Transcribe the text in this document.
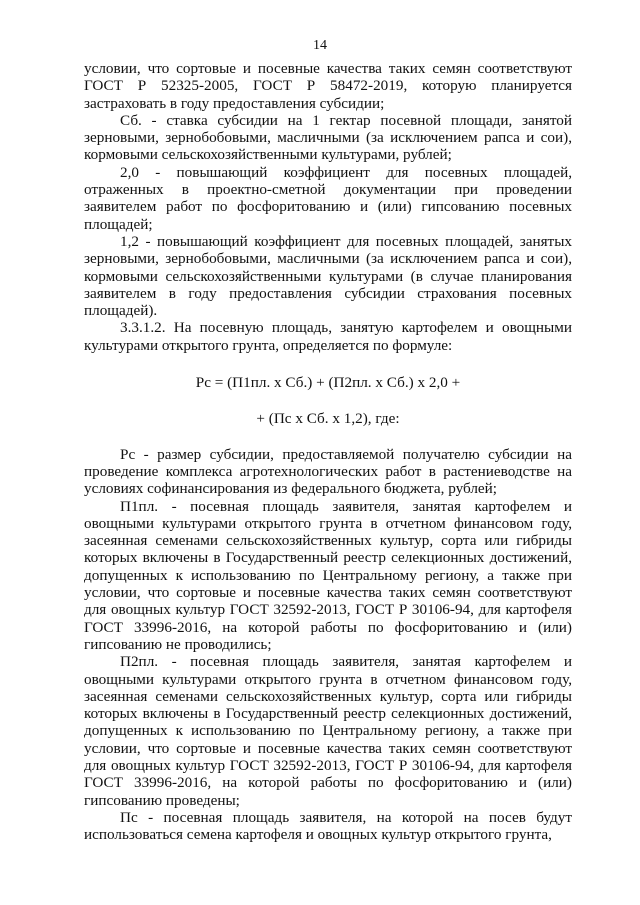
14

условии, что сортовые и посевные качества таких семян соответствуют ГОСТ Р 52325-2005, ГОСТ Р 58472-2019, которую планируется застраховать в году предоставления субсидии;

Сб. - ставка субсидии на 1 гектар посевной площади, занятой зерновыми, зернобобовыми, масличными (за исключением рапса и сои), кормовыми сельскохозяйственными культурами, рублей;

2,0 - повышающий коэффициент для посевных площадей, отраженных в проектно-сметной документации при проведении заявителем работ по фосфоритованию и (или) гипсованию посевных площадей;

1,2 - повышающий коэффициент для посевных площадей, занятых зерновыми, зернобобовыми, масличными (за исключением рапса и сои), кормовыми сельскохозяйственными культурами (в случае планирования заявителем в году предоставления субсидии страхования посевных площадей).

3.3.1.2. На посевную площадь, занятую картофелем и овощными культурами открытого грунта, определяется по формуле:

Рс = (П1пл. х Сб.) + (П2пл. х Сб.) х 2,0 +

+ (Пс х Сб. х 1,2), где:

Рс - размер субсидии, предоставляемой получателю субсидии на проведение комплекса агротехнологических работ в растениеводстве на условиях софинансирования из федерального бюджета, рублей;

П1пл. - посевная площадь заявителя, занятая картофелем и овощными культурами открытого грунта в отчетном финансовом году, засеянная семенами сельскохозяйственных культур, сорта или гибриды которых включены в Государственный реестр селекционных достижений, допущенных к использованию по Центральному региону, а также при условии, что сортовые и посевные качества таких семян соответствуют для овощных культур ГОСТ 32592-2013, ГОСТ Р 30106-94, для картофеля ГОСТ 33996-2016, на которой работы по фосфоритованию и (или) гипсованию не проводились;

П2пл. - посевная площадь заявителя, занятая картофелем и овощными культурами открытого грунта в отчетном финансовом году, засеянная семенами сельскохозяйственных культур, сорта или гибриды которых включены в Государственный реестр селекционных достижений, допущенных к использованию по Центральному региону, а также при условии, что сортовые и посевные качества таких семян соответствуют для овощных культур ГОСТ 32592-2013, ГОСТ Р 30106-94, для картофеля ГОСТ 33996-2016, на которой работы по фосфоритованию и (или) гипсованию проведены;

Пс - посевная площадь заявителя, на которой на посев будут использоваться семена картофеля и овощных культур открытого грунта,
